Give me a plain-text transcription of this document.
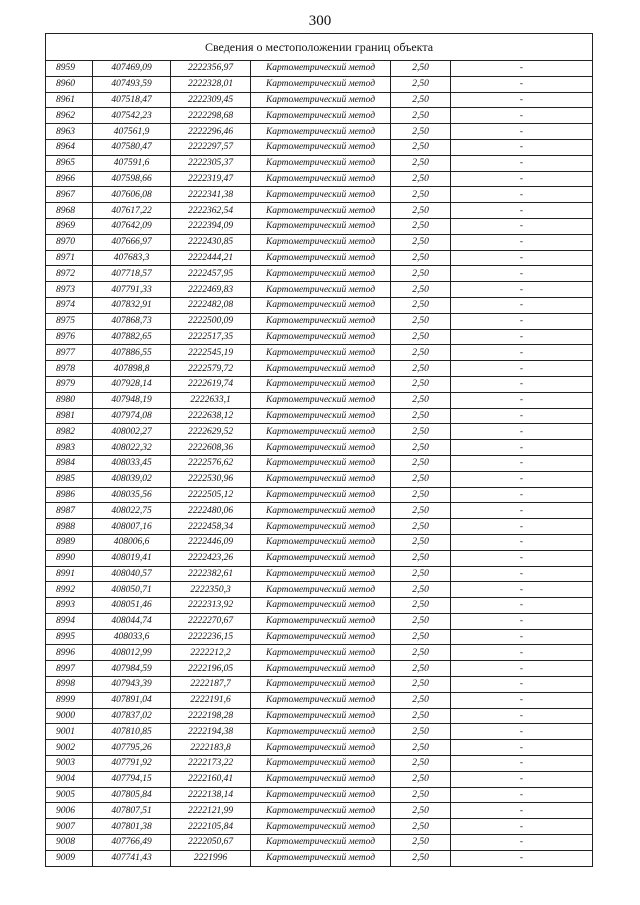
300
Сведения о местоположении границ объекта					
8959	407469,09	2222356,97	Картометрический метод	2,50	-
8960	407493,59	2222328,01	Картометрический метод	2,50	-
8961	407518,47	2222309,45	Картометрический метод	2,50	-
8962	407542,23	2222298,68	Картометрический метод	2,50	-
8963	407561,9	2222296,46	Картометрический метод	2,50	-
8964	407580,47	2222297,57	Картометрический метод	2,50	-
8965	407591,6	2222305,37	Картометрический метод	2,50	-
8966	407598,66	2222319,47	Картометрический метод	2,50	-
8967	407606,08	2222341,38	Картометрический метод	2,50	-
8968	407617,22	2222362,54	Картометрический метод	2,50	-
8969	407642,09	2222394,09	Картометрический метод	2,50	-
8970	407666,97	2222430,85	Картометрический метод	2,50	-
8971	407683,3	2222444,21	Картометрический метод	2,50	-
8972	407718,57	2222457,95	Картометрический метод	2,50	-
8973	407791,33	2222469,83	Картометрический метод	2,50	-
8974	407832,91	2222482,08	Картометрический метод	2,50	-
8975	407868,73	2222500,09	Картометрический метод	2,50	-
8976	407882,65	2222517,35	Картометрический метод	2,50	-
8977	407886,55	2222545,19	Картометрический метод	2,50	-
8978	407898,8	2222579,72	Картометрический метод	2,50	-
8979	407928,14	2222619,74	Картометрический метод	2,50	-
8980	407948,19	2222633,1	Картометрический метод	2,50	-
8981	407974,08	2222638,12	Картометрический метод	2,50	-
8982	408002,27	2222629,52	Картометрический метод	2,50	-
8983	408022,32	2222608,36	Картометрический метод	2,50	-
8984	408033,45	2222576,62	Картометрический метод	2,50	-
8985	408039,02	2222530,96	Картометрический метод	2,50	-
8986	408035,56	2222505,12	Картометрический метод	2,50	-
8987	408022,75	2222480,06	Картометрический метод	2,50	-
8988	408007,16	2222458,34	Картометрический метод	2,50	-
8989	408006,6	2222446,09	Картометрический метод	2,50	-
8990	408019,41	2222423,26	Картометрический метод	2,50	-
8991	408040,57	2222382,61	Картометрический метод	2,50	-
8992	408050,71	2222350,3	Картометрический метод	2,50	-
8993	408051,46	2222313,92	Картометрический метод	2,50	-
8994	408044,74	2222270,67	Картометрический метод	2,50	-
8995	408033,6	2222236,15	Картометрический метод	2,50	-
8996	408012,99	2222212,2	Картометрический метод	2,50	-
8997	407984,59	2222196,05	Картометрический метод	2,50	-
8998	407943,39	2222187,7	Картометрический метод	2,50	-
8999	407891,04	2222191,6	Картометрический метод	2,50	-
9000	407837,02	2222198,28	Картометрический метод	2,50	-
9001	407810,85	2222194,38	Картометрический метод	2,50	-
9002	407795,26	2222183,8	Картометрический метод	2,50	-
9003	407791,92	2222173,22	Картометрический метод	2,50	-
9004	407794,15	2222160,41	Картометрический метод	2,50	-
9005	407805,84	2222138,14	Картометрический метод	2,50	-
9006	407807,51	2222121,99	Картометрический метод	2,50	-
9007	407801,38	2222105,84	Картометрический метод	2,50	-
9008	407766,49	2222050,67	Картометрический метод	2,50	-
9009	407741,43	2221996	Картометрический метод	2,50	-
